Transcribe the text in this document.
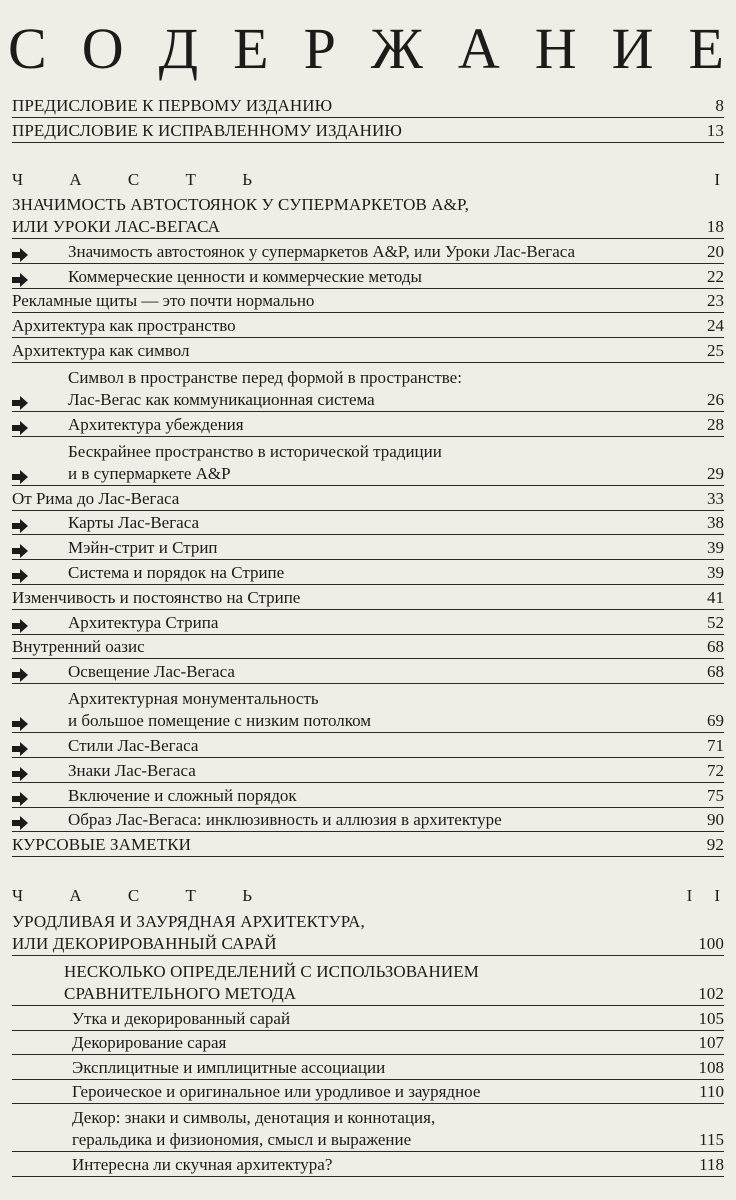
С О Д Е Р Ж А Н И Е
ПРЕДИСЛОВИЕ К ПЕРВОМУ ИЗДАНИЮ	8
ПРЕДИСЛОВИЕ К ИСПРАВЛЕННОМУ ИЗДАНИЮ	13
Ч	А	С	Т	Ь	I
ЗНАЧИМОСТЬ АВТОСТОЯНОК У СУПЕРМАРКЕТОВ A&P,
ИЛИ УРОКИ ЛАС-ВЕГАСА	18
Значимость автостоянок у супермаркетов A&P, или Уроки Лас-Вегаса	20
Коммерческие ценности и коммерческие методы	22
Рекламные щиты — это почти нормально	23
Архитектура как пространство	24
Архитектура как символ	25
Символ в пространстве перед формой в пространстве:
Лас-Вегас как коммуникационная система	26
Архитектура убеждения	28
Бескрайнее пространство в исторической традиции
и в супермаркете A&P	29
От Рима до Лас-Вегаса	33
Карты Лас-Вегаса	38
Мэйн-стрит и Стрип	39
Система и порядок на Стрипе	39
Изменчивость и постоянство на Стрипе	41
Архитектура Стрипа	52
Внутренний оазис	68
Освещение Лас-Вегаса	68
Архитектурная монументальность
и большое помещение с низким потолком	69
Стили Лас-Вегаса	71
Знаки Лас-Вегаса	72
Включение и сложный порядок	75
Образ Лас-Вегаса: инклюзивность и аллюзия в архитектуре	90
КУРСОВЫЕ ЗАМЕТКИ	92
Ч	А	С	Т	Ь	I I
УРОДЛИВАЯ И ЗАУРЯДНАЯ АРХИТЕКТУРА,
ИЛИ ДЕКОРИРОВАННЫЙ САРАЙ	100
НЕСКОЛЬКО ОПРЕДЕЛЕНИЙ С ИСПОЛЬЗОВАНИЕМ
СРАВНИТЕЛЬНОГО МЕТОДА	102
Утка и декорированный сарай	105
Декорирование сарая	107
Эксплицитные и имплицитные ассоциации	108
Героическое и оригинальное или уродливое и заурядное	110
Декор: знаки и символы, денотация и коннотация,
геральдика и физиономия, смысл и выражение	115
Интересна ли скучная архитектура?	118
